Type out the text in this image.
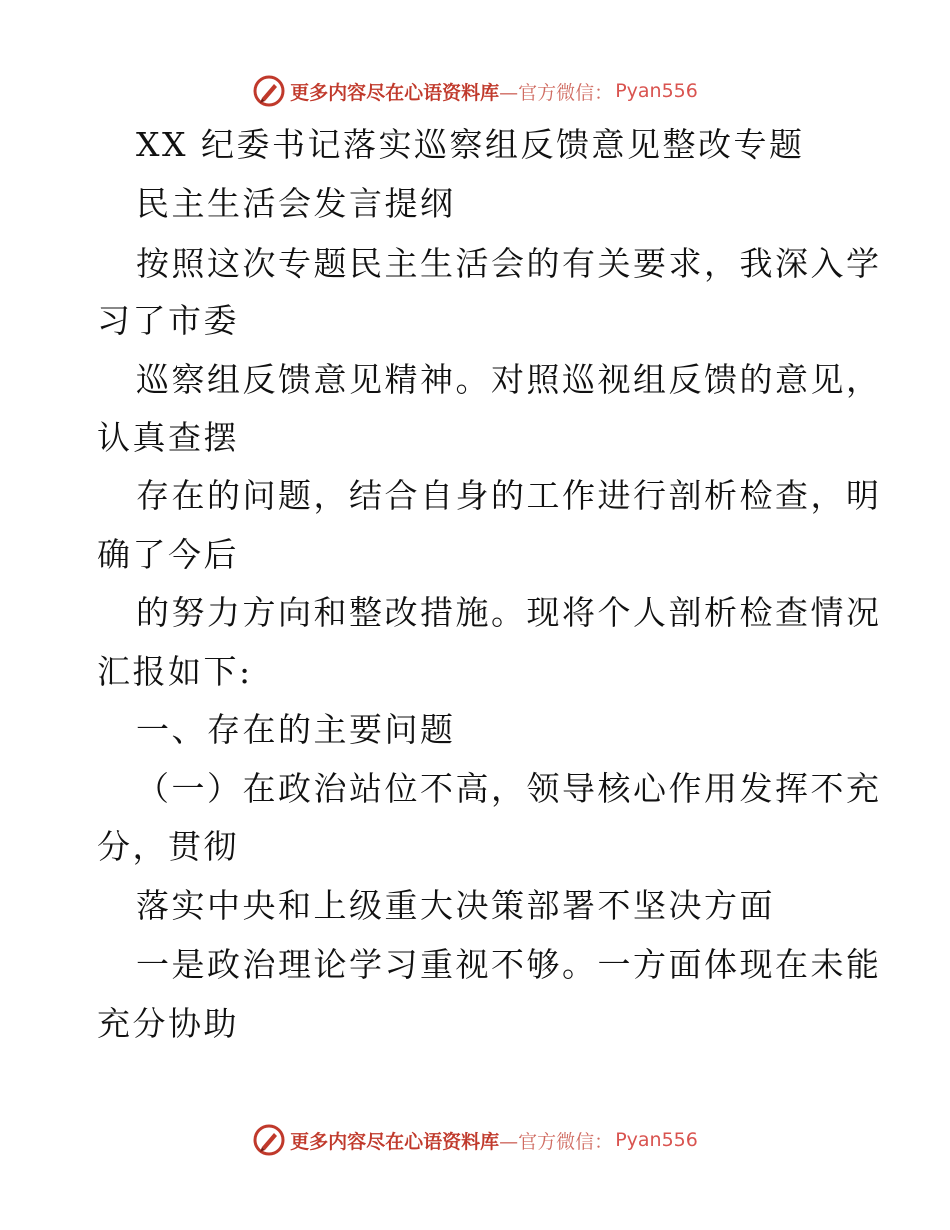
更多内容尽在心语资料库 —官方微信： Pyan556
XX 纪委书记落实巡察组反馈意见整改专题
民主生活会发言提纲
按照这次专题民主生活会的有关要求，我深入学
习了市委
巡察组反馈意见精神。对照巡视组反馈的意见，
认真查摆
存在的问题，结合自身的工作进行剖析检查，明
确了今后
的努力方向和整改措施。现将个人剖析检查情况
汇报如下:
一、存在的主要问题
（一）在政治站位不高，领导核心作用发挥不充
分，贯彻
落实中央和上级重大决策部署不坚决方面
一是政治理论学习重视不够。一方面体现在未能
充分协助
更多内容尽在心语资料库 —官方微信： Pyan556
